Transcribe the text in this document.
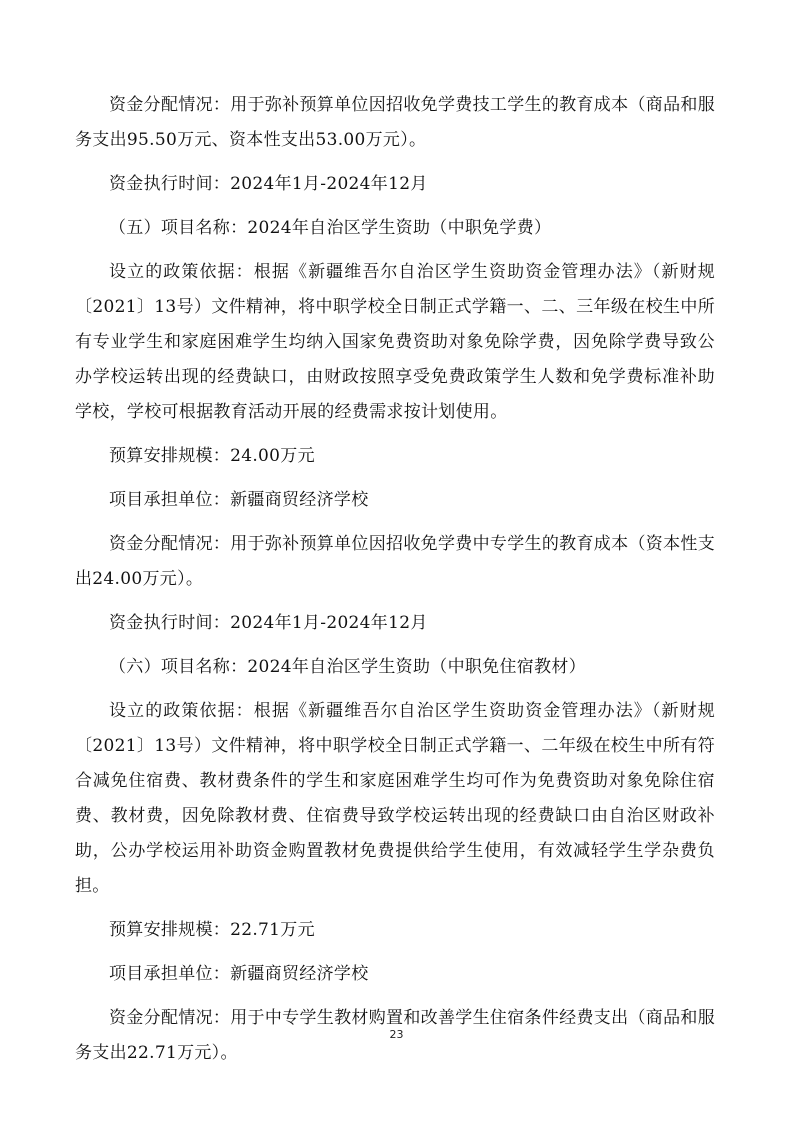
资金分配情况：用于弥补预算单位因招收免学费技工学生的教育成本（商品和服务支出95.50万元、资本性支出53.00万元）。

资金执行时间：2024年1月-2024年12月

（五）项目名称：2024年自治区学生资助（中职免学费）

设立的政策依据：根据《新疆维吾尔自治区学生资助资金管理办法》（新财规〔2021〕13号）文件精神，将中职学校全日制正式学籍一、二、三年级在校生中所有专业学生和家庭困难学生均纳入国家免费资助对象免除学费，因免除学费导致公办学校运转出现的经费缺口，由财政按照享受免费政策学生人数和免学费标准补助学校，学校可根据教育活动开展的经费需求按计划使用。

预算安排规模：24.00万元

项目承担单位：新疆商贸经济学校

资金分配情况：用于弥补预算单位因招收免学费中专学生的教育成本（资本性支出24.00万元）。

资金执行时间：2024年1月-2024年12月

（六）项目名称：2024年自治区学生资助（中职免住宿教材）

设立的政策依据：根据《新疆维吾尔自治区学生资助资金管理办法》（新财规〔2021〕13号）文件精神，将中职学校全日制正式学籍一、二年级在校生中所有符合减免住宿费、教材费条件的学生和家庭困难学生均可作为免费资助对象免除住宿费、教材费，因免除教材费、住宿费导致学校运转出现的经费缺口由自治区财政补助，公办学校运用补助资金购置教材免费提供给学生使用，有效减轻学生学杂费负担。

预算安排规模：22.71万元

项目承担单位：新疆商贸经济学校

资金分配情况：用于中专学生教材购置和改善学生住宿条件经费支出（商品和服务支出22.71万元）。

23
